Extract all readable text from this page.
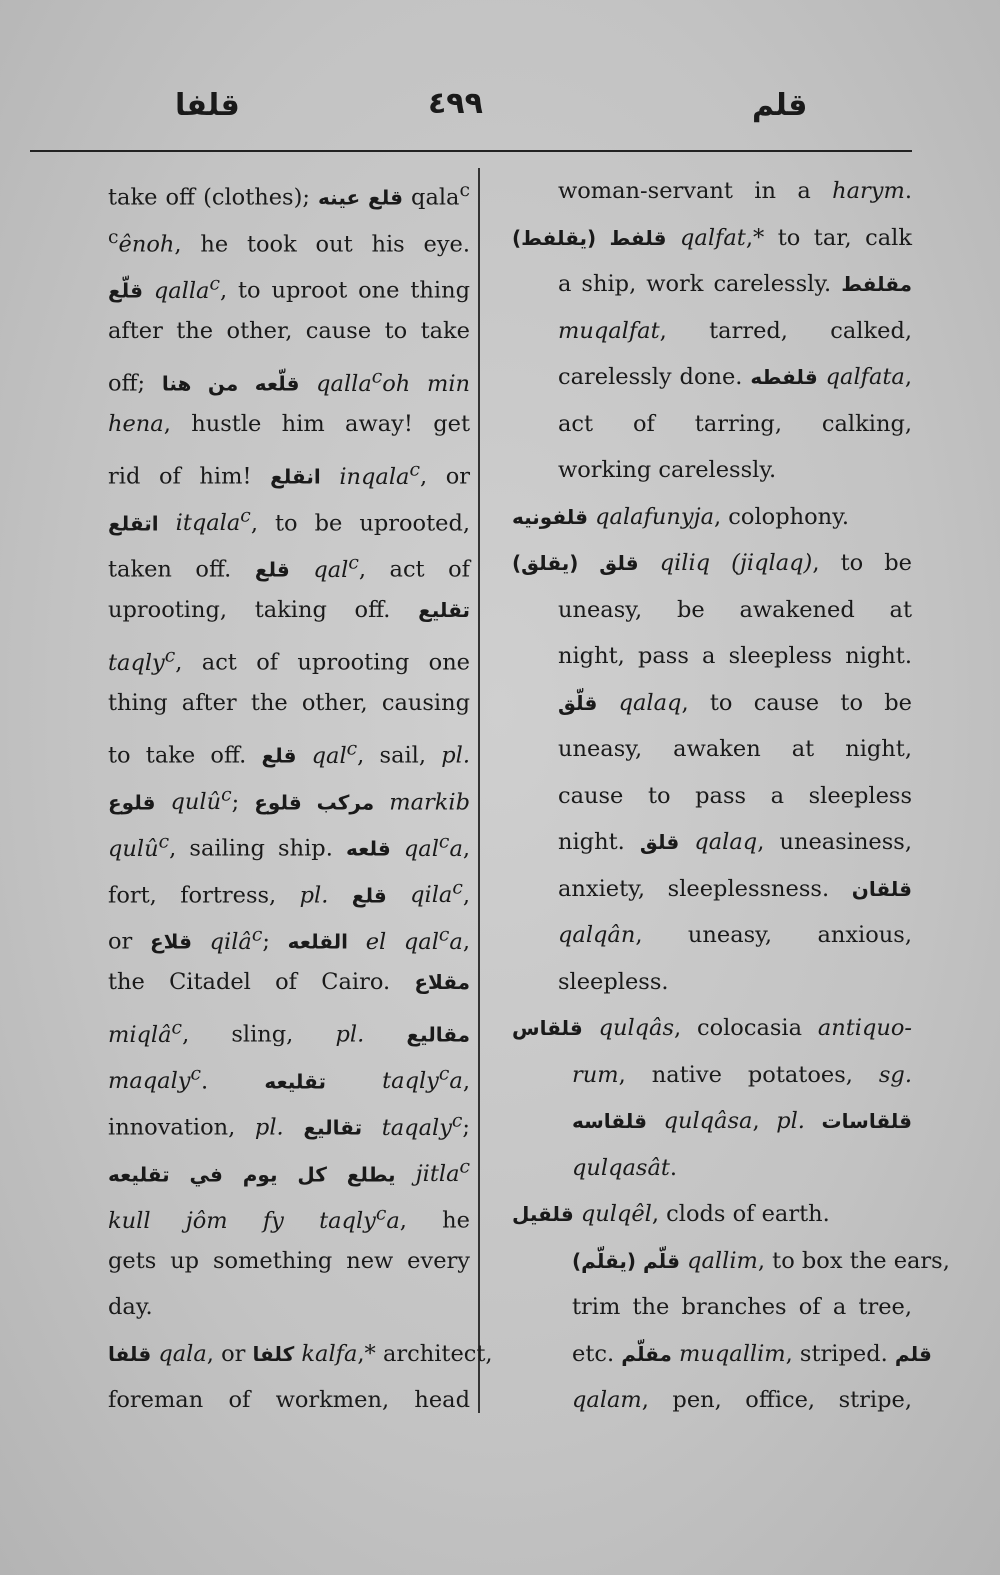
قلفا	٤٩٩	قلم
take off (clothes); قلع عينه qala$^c$
$^c$ênoh, he took out his eye.
قلّع qalla$^c$, to uproot one thing
after the other, cause to take
off; قلّعه من هنا qalla$^c$oh min
hena, hustle him away! get
rid of him! انقلع inqala$^c$, or
اتقلع itqala$^c$, to be uprooted,
taken off. قلع qal$^c$, act of
uprooting, taking off. تقليع
taqly$^c$, act of uprooting one
thing after the other, causing
to take off. قلع qal$^c$, sail, pl.
قلوع qulû$^c$; مركب قلوع markib
qulû$^c$, sailing ship. قلعه qal$^c$a,
fort, fortress, pl. قلع qila$^c$,
or قلاع qilâ$^c$; القلعه el qal$^c$a,
the Citadel of Cairo. مقلاع
miqlâ$^c$, sling, pl. مقاليع
maqaly$^c$. تقليعه taqly$^c$a,
innovation, pl. تقاليع taqaly$^c$;
يطلع كل يوم في تقليعه jitla$^c$
kull jôm fy taqly$^c$a, he
gets up something new every
day.
قلفا qala, or كلفا kalfa,* architect,
foreman of workmen, head
woman-servant in a harym.
قلفط (يقلفط) qalfat,* to tar, calk
a ship, work carelessly. مقلفط
muqalfat, tarred, calked,
carelessly done. قلفطه qalfata,
act of tarring, calking,
working carelessly.
قلفونيه qalafunyja, colophony.
قلق (يقلق) qiliq (jiqlaq), to be
uneasy, be awakened at
night, pass a sleepless night.
قلّق qalaq, to cause to be
uneasy, awaken at night,
cause to pass a sleepless
night. قلق qalaq, uneasiness,
anxiety, sleeplessness. قلقان
qalqân, uneasy, anxious,
sleepless.
قلقاس qulqâs, colocasia antiquo-
rum, native potatoes, sg.
قلقاسه qulqâsa, pl. قلقاسات
qulqasât.
قلقيل qulqêl, clods of earth.
قلّم (يقلّم) qallim, to box the ears,
trim the branches of a tree,
etc. مقلّم muqallim, striped. قلم
qalam, pen, office, stripe,
